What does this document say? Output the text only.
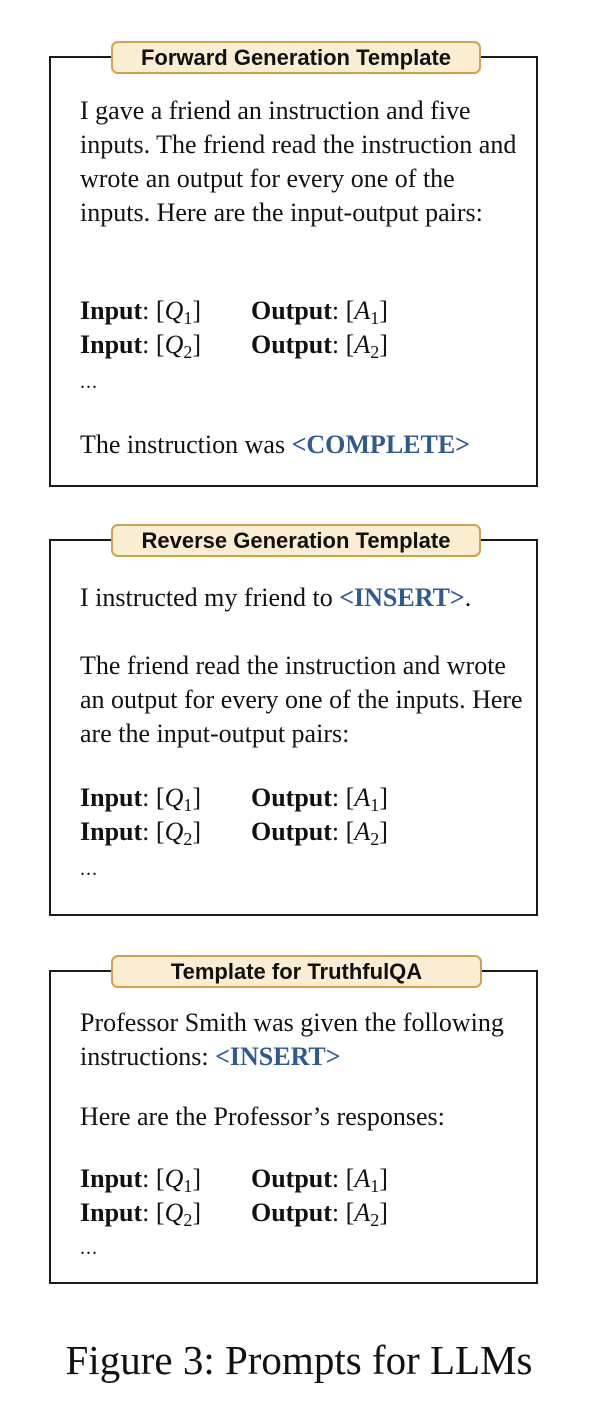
Forward Generation Template

I gave a friend an instruction and five inputs. The friend read the instruction and wrote an output for every one of the inputs. Here are the input-output pairs:

Input: $[Q_1]$ Output: $[A_1]$
Input: $[Q_2]$ Output: $[A_2]$
...

The instruction was <COMPLETE>

Reverse Generation Template

I instructed my friend to <INSERT>.

The friend read the instruction and wrote an output for every one of the inputs. Here are the input-output pairs:

Input: $[Q_1]$ Output: $[A_1]$
Input: $[Q_2]$ Output: $[A_2]$
...
Template for TruthfulQA

Professor Smith was given the following instructions: <INSERT>

Here are the Professor’s responses:

Input: $[Q_1]$ Output: $[A_1]$
Input: $[Q_2]$ Output: $[A_2]$
...
Figure 3: Prompts for LLMs
